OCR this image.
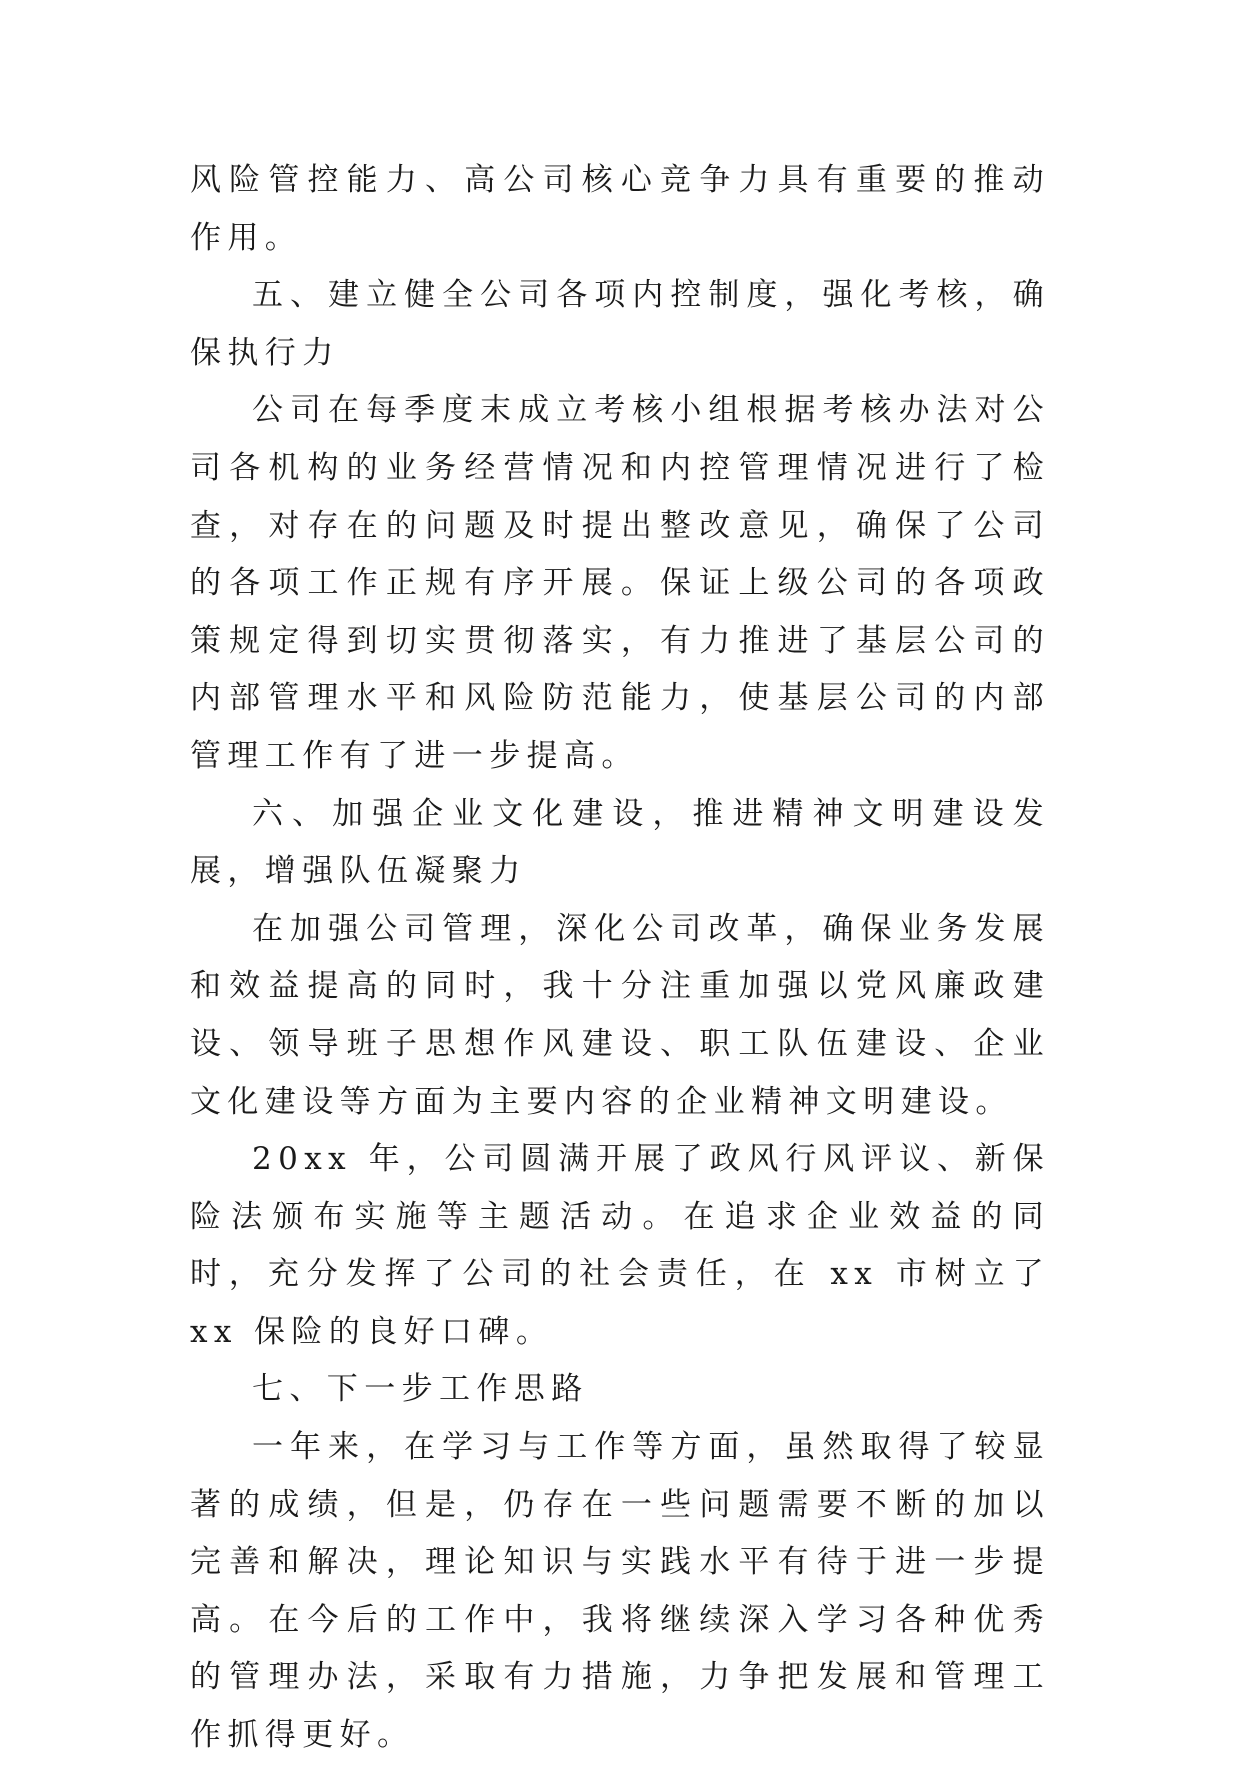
风险管控能力、高公司核心竞争力具有重要的推动作用。

五、建立健全公司各项内控制度，强化考核，确保执行力

公司在每季度末成立考核小组根据考核办法对公司各机构的业务经营情况和内控管理情况进行了检查，对存在的问题及时提出整改意见，确保了公司的各项工作正规有序开展。保证上级公司的各项政策规定得到切实贯彻落实，有力推进了基层公司的内部管理水平和风险防范能力，使基层公司的内部管理工作有了进一步提高。

六、加强企业文化建设，推进精神文明建设发展，增强队伍凝聚力

在加强公司管理，深化公司改革，确保业务发展和效益提高的同时，我十分注重加强以党风廉政建设、领导班子思想作风建设、职工队伍建设、企业文化建设等方面为主要内容的企业精神文明建设。

20xx 年，公司圆满开展了政风行风评议、新保险法颁布实施等主题活动。在追求企业效益的同时，充分发挥了公司的社会责任，在 xx 市树立了 xx 保险的良好口碑。

七、下一步工作思路

一年来，在学习与工作等方面，虽然取得了较显著的成绩，但是，仍存在一些问题需要不断的加以完善和解决，理论知识与实践水平有待于进一步提高。在今后的工作中，我将继续深入学习各种优秀的管理办法，采取有力措施，力争把发展和管理工作抓得更好。
